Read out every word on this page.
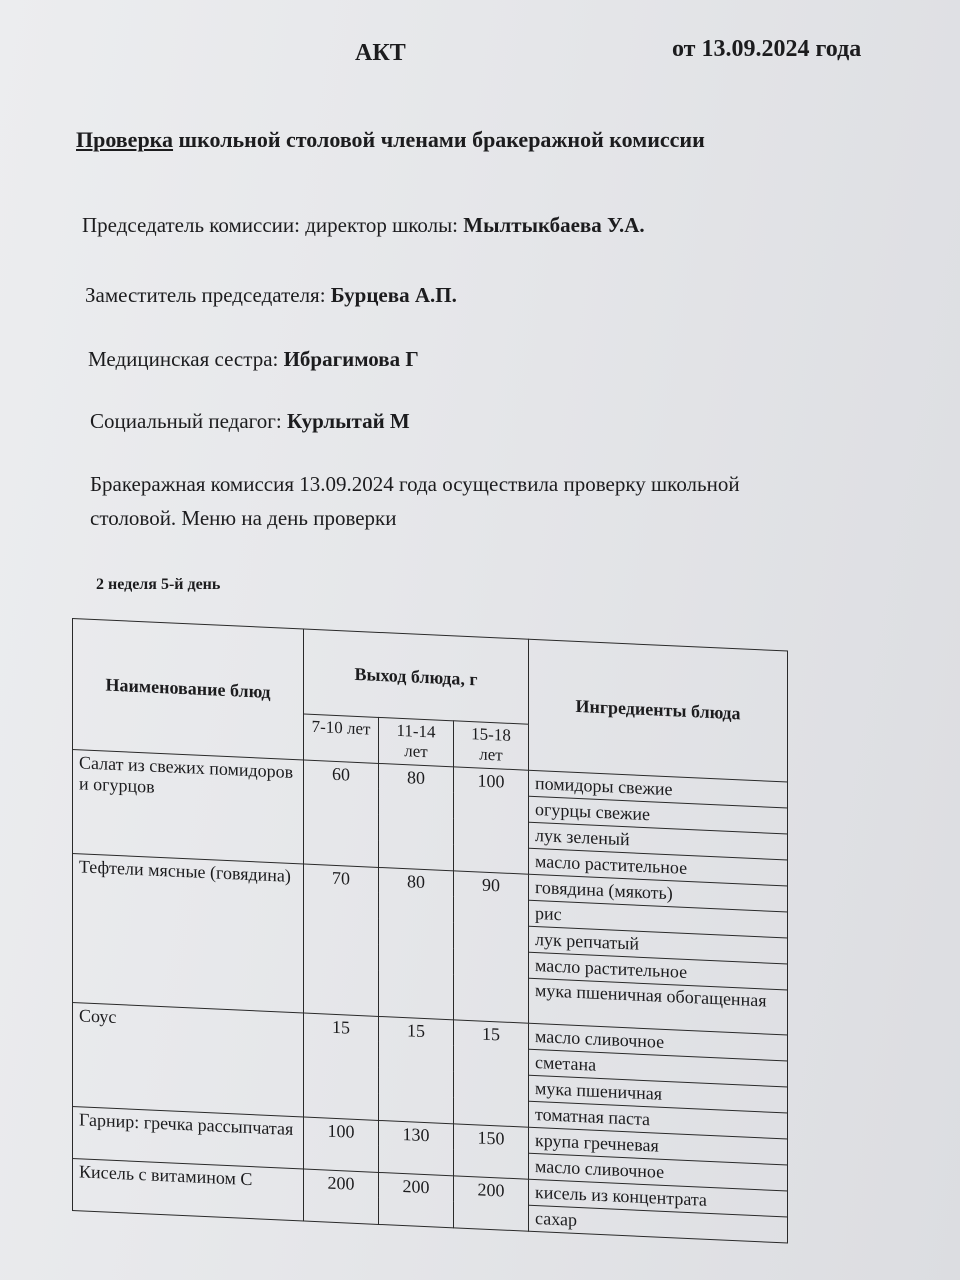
АКТ	от 13.09.2024 года
Проверка школьной столовой членами бракеражной комиссии
Председатель комиссии: директор школы: Мылтыкбаева У.А.
Заместитель председателя: Бурцева А.П.
Медицинская сестра: Ибрагимова Г
Социальный педагог: Курлытай М
Бракеражная комиссия 13.09.2024 года осуществила проверку школьной столовой. Меню на день проверки
2 неделя 5-й день
Наименование блюд	Выход блюда, г			Ингредиенты блюда
	7-10 лет	11-14 лет	15-18 лет	
Салат из свежих помидоров и огурцов	60	80	100	помидоры свежие
				огурцы свежие
				лук зеленый
				масло растительное
Тефтели мясные (говядина)	70	80	90	говядина (мякоть)
				рис
				лук репчатый
				масло растительное
				мука пшеничная обогащенная
Соус	15	15	15	масло сливочное
				сметана
				мука пшеничная
				томатная паста
Гарнир: гречка рассыпчатая	100	130	150	крупа гречневая
				масло сливочное
Кисель с витамином С	200	200	200	кисель из концентрата
				сахар
